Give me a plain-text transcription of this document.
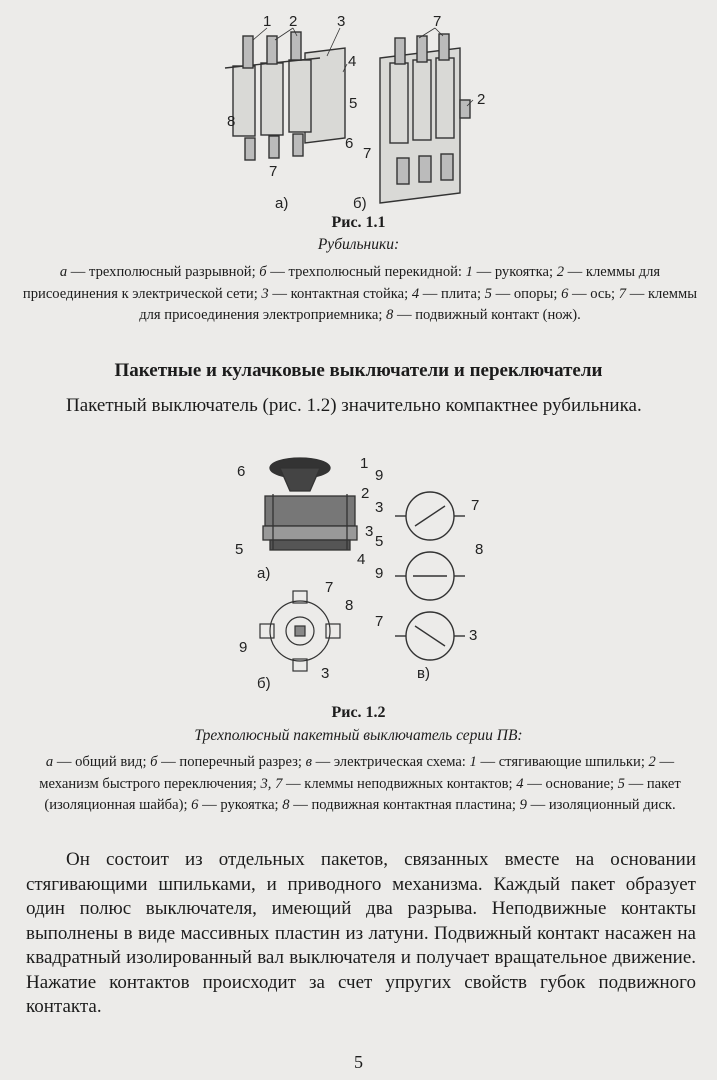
1 2	3
4
5
6
7
8
7
2
7
а)	б)
Рис. 1.1
Рубильники:
а — трехполюсный разрывной; б — трехполюсный перекидной: 1 — рукоятка; 2 — клеммы для присоединения к электрической сети; 3 — контактная стойка; 4 — плита; 5 — опоры; 6 — ось; 7 — клеммы для присоединения электроприемника; 8 — подвижный контакт (нож).
Пакетные и кулачковые выключатели и переключатели
Пакетный выключатель (рис. 1.2) значительно компактнее рубильника.
6	1
2
3
5
4
7
8
9
3
9
3	7
5	8
9
7
3
а)
б)
в)
Рис. 1.2
Трехполюсный пакетный выключатель серии ПВ:
а — общий вид; б — поперечный разрез; в — электрическая схема: 1 — стягивающие шпильки; 2 — механизм быстрого переключения; 3, 7 — клеммы неподвижных контактов; 4 — основание; 5 — пакет (изоляционная шайба); 6 — рукоятка; 8 — подвижная контактная пластина; 9 — изоляционный диск.
Он состоит из отдельных пакетов, связанных вместе на основании стягивающими шпильками, и приводного механизма. Каждый пакет образует один полюс выключателя, имеющий два разрыва. Неподвижные контакты выполнены в виде массивных пластин из латуни. Подвижный контакт насажен на квадратный изолированный вал выключателя и получает вращательное движение. Нажатие контактов происходит за счет упругих свойств губок подвижного контакта.
5
